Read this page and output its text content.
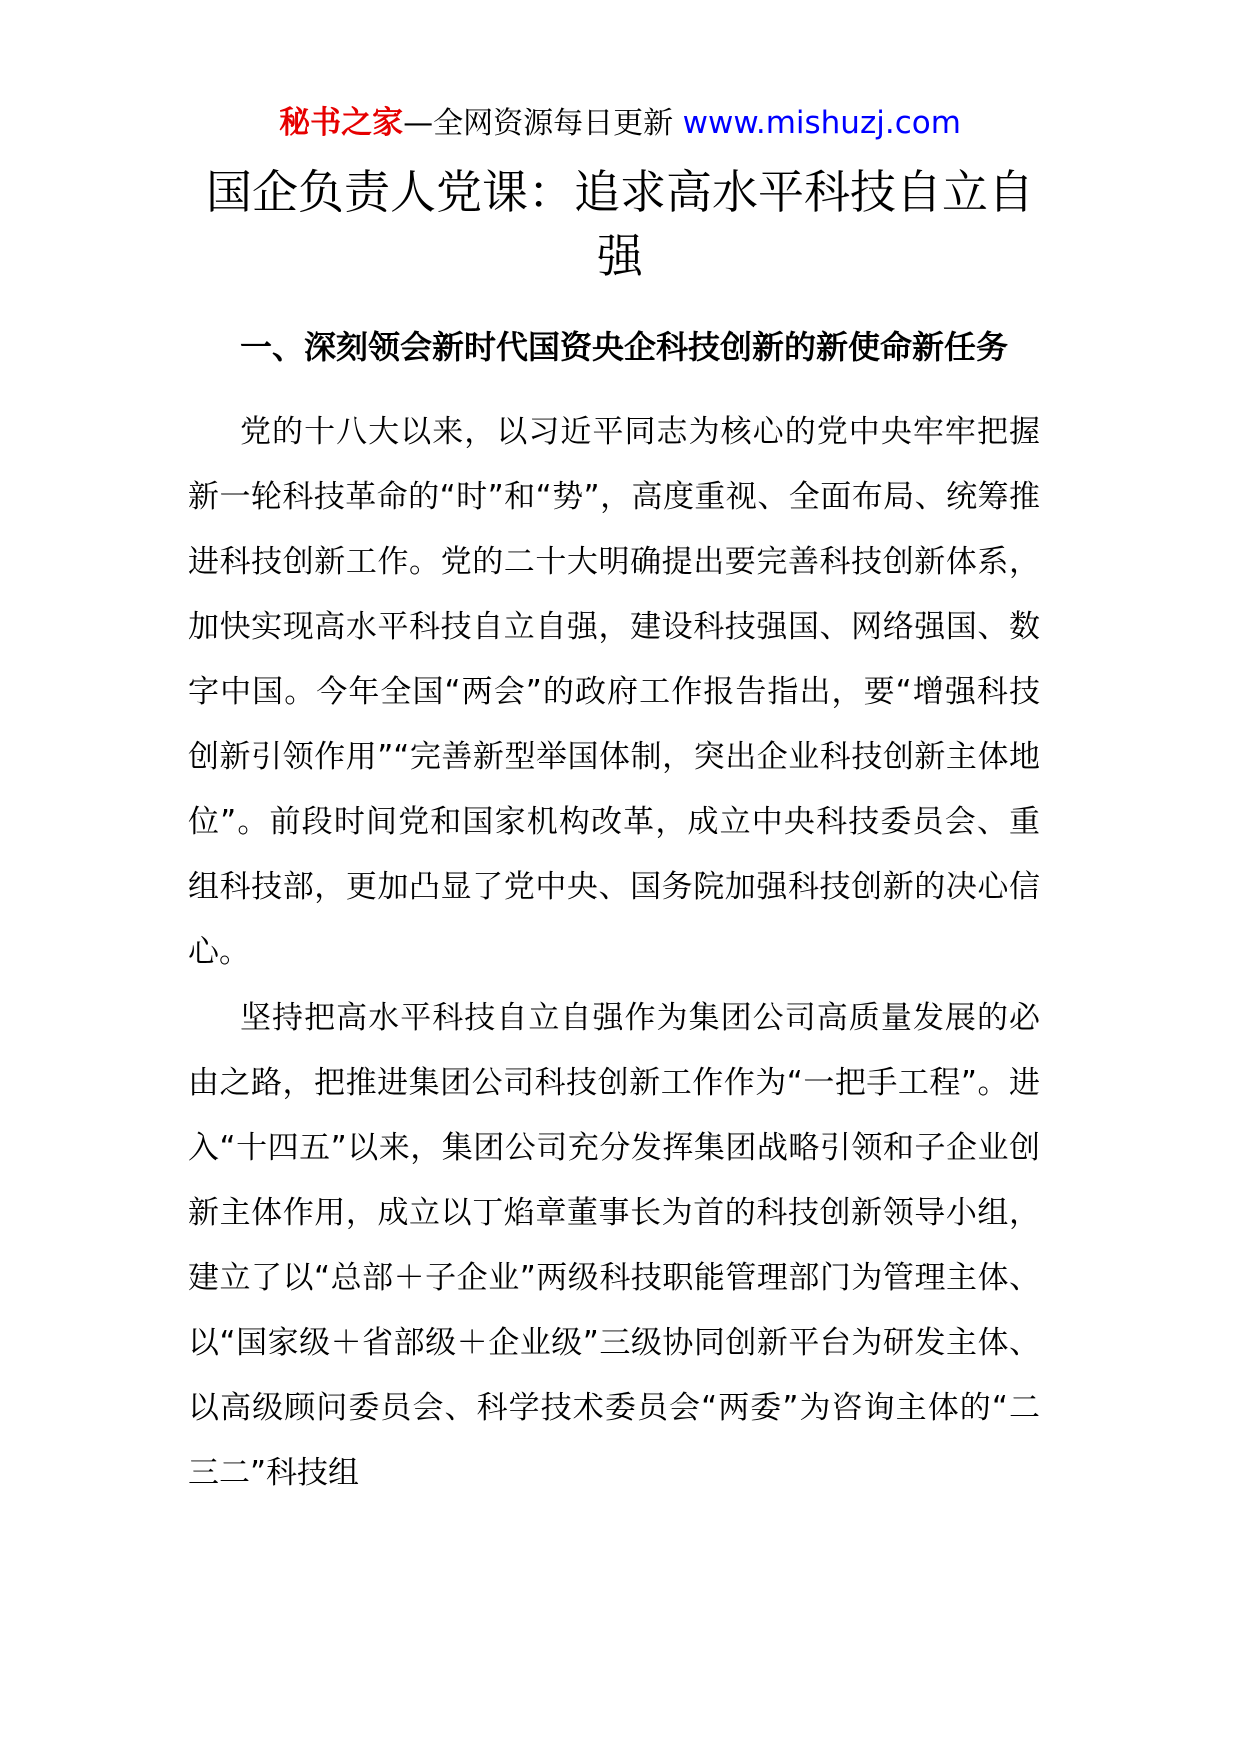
秘书之家—全网资源每日更新 www.mishuzj.com
国企负责人党课：追求高水平科技自立自强
一、深刻领会新时代国资央企科技创新的新使命新任务

党的十八大以来，以习近平同志为核心的党中央牢牢把握新一轮科技革命的“时”和“势”，高度重视、全面布局、统筹推进科技创新工作。党的二十大明确提出要完善科技创新体系，加快实现高水平科技自立自强，建设科技强国、网络强国、数字中国。今年全国“两会”的政府工作报告指出，要“增强科技创新引领作用”“完善新型举国体制，突出企业科技创新主体地位”。前段时间党和国家机构改革，成立中央科技委员会、重组科技部，更加凸显了党中央、国务院加强科技创新的决心信心。

坚持把高水平科技自立自强作为集团公司高质量发展的必由之路，把推进集团公司科技创新工作作为“一把手工程”。进入“十四五”以来，集团公司充分发挥集团战略引领和子企业创新主体作用，成立以丁焰章董事长为首的科技创新领导小组，建立了以“总部＋子企业”两级科技职能管理部门为管理主体、以“国家级＋省部级＋企业级”三级协同创新平台为研发主体、以高级顾问委员会、科学技术委员会“两委”为咨询主体的“二三二”科技组
